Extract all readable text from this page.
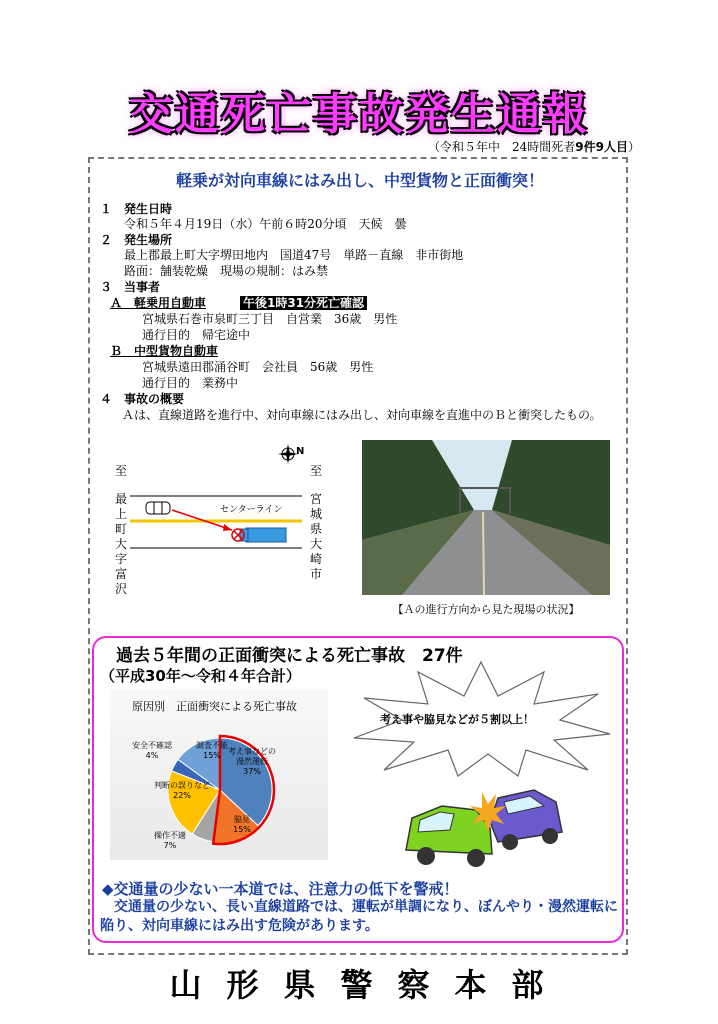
交通死亡事故発生通報
（令和５年中　24時間死者9件9人目）
軽乗が対向車線にはみ出し、中型貨物と正面衝突！
１ 発生日時
令和５年４月19日（水）午前６時20分頃　天候　曇
２ 発生場所
最上郡最上町大字堺田地内　国道47号　単路－直線　非市街地
路面：舗装乾燥　現場の規制：はみ禁
３ 当事者
Ａ　軽乗用自動車	午後1時31分死亡確認
宮城県石巻市泉町三丁目　自営業　36歳　男性
通行目的　帰宅途中
Ｂ　中型貨物自動車
宮城県遠田郡涌谷町　会社員　56歳　男性
通行目的　業務中
４ 事故の概要
　Ａは、直線道路を進行中、対向車線にはみ出し、対向車線を直進中のＢと衝突したもの。
至
最上町大字富沢
至
宮城県大崎市
N
センターライン
【Ａの進行方向から見た現場の状況】
過去５年間の正面衝突による死亡事故　27件
（平成30年～令和４年合計）
原因別　正面衝突による死亡事故
考え事などの漫然運転 37%
脇見 15%
操作不適 7%
判断の誤りなど 22%
安全不確認 4%
調査不能 15%
考え事や脇見などが５割以上！
◆交通量の少ない一本道では、注意力の低下を警戒！
　交通量の少ない、長い直線道路では、運転が単調になり、ぼんやり・漫然運転に陥り、対向車線にはみ出す危険があります。
山形県警察本部
